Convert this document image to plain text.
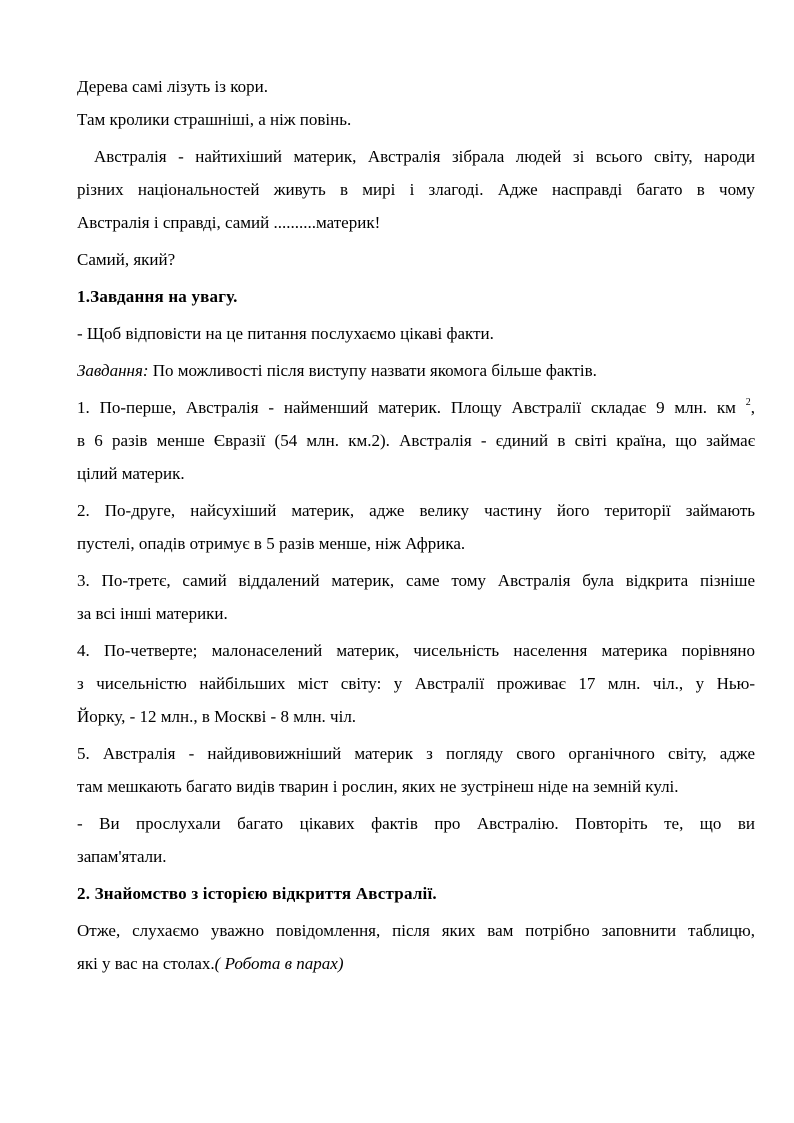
Дерева самі лізуть із кори.
Там кролики страшніші, а ніж повінь.
Австралія - найтихіший материк, Австралія зібрала людей зі всього світу, народи
різних національностей живуть в мирі і злагоді. Адже насправді багато в чому
Австралія і справді, самий ..........материк!
Самий, який?
1.Завдання на увагу.
- Щоб відповісти на це питання послухаємо цікаві факти.
Завдання: По можливості після виступу назвати якомога більше фактів.
1. По-перше, Австралія - найменший материк. Площу Австралії складає 9 млн. км $^2$,
в 6 разів менше Євразії (54 млн. км.2). Австралія - єдиний в світі країна, що займає
цілий материк.
2. По-друге, найсухіший материк, адже велику частину його території займають
пустелі, опадів отримує в 5 разів менше, ніж Африка.
3. По-третє, самий віддалений материк, саме тому Австралія була відкрита пізніше
за всі інші материки.
4. По-четверте; малонаселений материк, чисельність населення материка порівняно
з чисельністю найбільших міст світу: у Австралії проживає 17 млн. чіл., у Нью-
Йорку, - 12 млн., в Москві - 8 млн. чіл.
5. Австралія - найдивовижніший материк з погляду свого органічного світу, адже
там мешкають багато видів тварин і рослин, яких не зустрінеш ніде на земній кулі.
- Ви прослухали багато цікавих фактів про Австралію. Повторіть те, що ви
запам'ятали.
2. Знайомство з історією відкриття Австралії.
Отже, слухаємо уважно повідомлення, після яких вам потрібно заповнити таблицю,
які у вас на столах.( Робота в парах)
